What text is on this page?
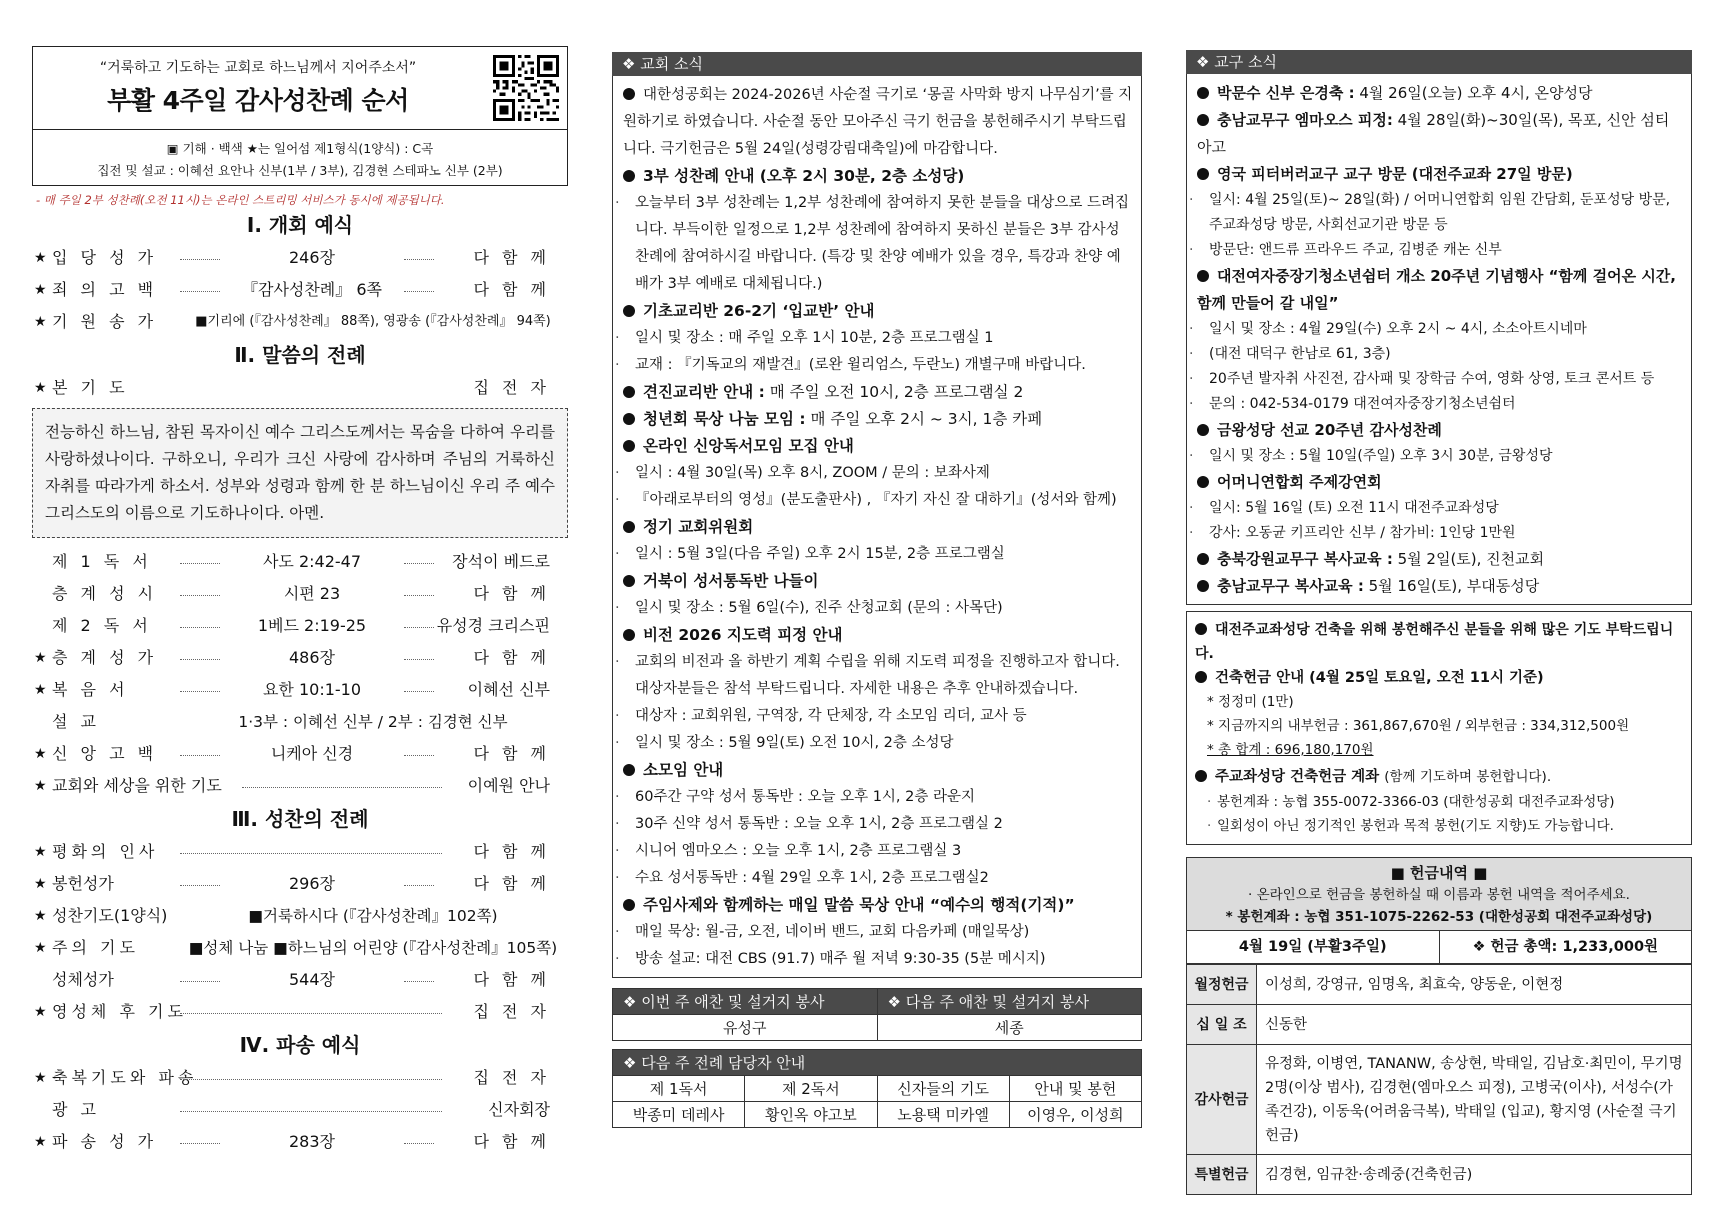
“거룩하고 기도하는 교회로 하느님께서 지어주소서”
부활 4주일 감사성찬례 순서
▣ 기해 · 백색 ★는 일어섬 제1형식(1양식) : C곡
집전 및 설교 : 이혜선 요안나 신부(1부 / 3부), 김경현 스테파노 신부 (2부)
- 매 주일 2부 성찬례(오전 11시)는 온라인 스트리밍 서비스가 동시에 제공됩니다.
Ⅰ. 개회 예식
★ 입 당 성 가	246장	다 함 께
★ 죄 의 고 백	『감사성찬례』 6쪽	다 함 께
★ 기 원 송 가	■기리에 (『감사성찬례』 88쪽), 영광송 (『감사성찬례』 94쪽)
Ⅱ. 말씀의 전례
★ 본 기 도	집 전 자
전능하신 하느님, 참된 목자이신 예수 그리스도께서는 목숨을 다하여 우리를 사랑하셨나이다. 구하오니, 우리가 크신 사랑에 감사하며 주님의 거룩하신 자취를 따라가게 하소서. 성부와 성령과 함께 한 분 하느님이신 우리 주 예수 그리스도의 이름으로 기도하나이다. 아멘.
제 1 독 서	사도 2:42-47	장석이 베드로
층 계 성 시	시편 23	다 함 께
제 2 독 서	1베드 2:19-25	유성경 크리스핀
★ 층 계 성 가	486장	다 함 께
★ 복 음 서	요한 10:1-10	이혜선 신부
설 교	1·3부 : 이혜선 신부 / 2부 : 김경현 신부
★ 신 앙 고 백	니케아 신경	다 함 께
★ 교회와 세상을 위한 기도	이예원 안나
Ⅲ. 성찬의 전례
★ 평화의 인사	다 함 께
★ 봉헌성가	296장	다 함 께
★ 성찬기도(1양식)	■거룩하시다 (『감사성찬례』102쪽)
★ 주의 기도	■성체 나눔 ■하느님의 어린양 (『감사성찬례』105쪽)
성체성가	544장	다 함 께
★ 영성체 후 기도	집 전 자
Ⅳ. 파송 예식
★ 축복기도와 파송	집 전 자
광 고	신자회장
★ 파 송 성 가	283장	다 함 께
❖ 교회 소식
대한성공회는 2024-2026년 사순절 극기로 ‘몽골 사막화 방지 나무심기’를 지원하기로 하였습니다. 사순절 동안 모아주신 극기 헌금을 봉헌해주시기 부탁드립니다. 극기헌금은 5월 24일(성령강림대축일)에 마감합니다.
3부 성찬례 안내 (오후 2시 30분, 2층 소성당)
· 오늘부터 3부 성찬례는 1,2부 성찬례에 참여하지 못한 분들을 대상으로 드려집니다. 부득이한 일정으로 1,2부 성찬례에 참여하지 못하신 분들은 3부 감사성찬례에 참여하시길 바랍니다. (특강 및 찬양 예배가 있을 경우, 특강과 찬양 예배가 3부 예배로 대체됩니다.)
기초교리반 26-2기 ‘입교반’ 안내
· 일시 및 장소 : 매 주일 오후 1시 10분, 2층 프로그램실 1
· 교재 : 『기독교의 재발견』(로완 윌리엄스, 두란노) 개별구매 바랍니다.
견진교리반 안내 : 매 주일 오전 10시, 2층 프로그램실 2
청년회 묵상 나눔 모임 : 매 주일 오후 2시 ~ 3시, 1층 카페
온라인 신앙독서모임 모집 안내
· 일시 : 4월 30일(목) 오후 8시, ZOOM / 문의 : 보좌사제
· 『아래로부터의 영성』(분도출판사) , 『자기 자신 잘 대하기』(성서와 함께)
정기 교회위원회
· 일시 : 5월 3일(다음 주일) 오후 2시 15분, 2층 프로그램실
거북이 성서통독반 나들이
· 일시 및 장소 : 5월 6일(수), 진주 산청교회 (문의 : 사목단)
비전 2026 지도력 피정 안내
· 교회의 비전과 올 하반기 계획 수립을 위해 지도력 피정을 진행하고자 합니다. 대상자분들은 참석 부탁드립니다. 자세한 내용은 추후 안내하겠습니다.
· 대상자 : 교회위원, 구역장, 각 단체장, 각 소모임 리더, 교사 등
· 일시 및 장소 : 5월 9일(토) 오전 10시, 2층 소성당
소모임 안내
· 60주간 구약 성서 통독반 : 오늘 오후 1시, 2층 라운지
· 30주 신약 성서 통독반 : 오늘 오후 1시, 2층 프로그램실 2
· 시니어 엠마오스 : 오늘 오후 1시, 2층 프로그램실 3
· 수요 성서통독반 : 4월 29일 오후 1시, 2층 프로그램실2
주임사제와 함께하는 매일 말씀 묵상 안내 “예수의 행적(기적)”
· 매일 묵상: 월-금, 오전, 네이버 밴드, 교회 다음카페 (매일묵상)
· 방송 설교: 대전 CBS (91.7) 매주 월 저녁 9:30-35 (5분 메시지)
❖ 이번 주 애찬 및 설거지 봉사	❖ 다음 주 애찬 및 설거지 봉사
유성구	세종
❖ 다음 주 전례 담당자 안내			
제 1독서	제 2독서	신자들의 기도	안내 및 봉헌
박종미 데레사	황인옥 야고보	노용택 미카엘	이영우, 이성희
❖ 교구 소식
박문수 신부 은경축 : 4월 26일(오늘) 오후 4시, 온양성당
충남교무구 엠마오스 피정: 4월 28일(화)~30일(목), 목포, 신안 섬티아고
영국 피터버러교구 교구 방문 (대전주교좌 27일 방문)
· 일시: 4월 25일(토)~ 28일(화) / 어머니연합회 임원 간담회, 둔포성당 방문, 주교좌성당 방문, 사회선교기관 방문 등
· 방문단: 앤드류 프라우드 주교, 김병준 캐논 신부
대전여자중장기청소년쉼터 개소 20주년 기념행사 “함께 걸어온 시간, 함께 만들어 갈 내일”
· 일시 및 장소 : 4월 29일(수) 오후 2시 ~ 4시, 소소아트시네마
· (대전 대덕구 한남로 61, 3층)
· 20주년 발자취 사진전, 감사패 및 장학금 수여, 영화 상영, 토크 콘서트 등
· 문의 : 042-534-0179 대전여자중장기청소년쉼터
금왕성당 선교 20주년 감사성찬례
· 일시 및 장소 : 5월 10일(주일) 오후 3시 30분, 금왕성당
어머니연합회 주제강연회
· 일시: 5월 16일 (토) 오전 11시 대전주교좌성당
· 강사: 오동균 키프리안 신부 / 참가비: 1인당 1만원
충북강원교무구 복사교육 : 5월 2일(토), 진천교회
충남교무구 복사교육 : 5월 16일(토), 부대동성당
대전주교좌성당 건축을 위해 봉헌해주신 분들을 위해 많은 기도 부탁드립니다.
건축헌금 안내 (4월 25일 토요일, 오전 11시 기준)
* 정정미 (1만)
* 지금까지의 내부헌금 : 361,867,670원 / 외부헌금 : 334,312,500원
* 총 합계 : 696,180,170원
주교좌성당 건축헌금 계좌 (함께 기도하며 봉헌합니다).
· 봉헌계좌 : 농협 355-0072-3366-03 (대한성공회 대전주교좌성당)
· 일회성이 아닌 정기적인 봉헌과 목적 봉헌(기도 지향)도 가능합니다.
■ 헌금내역 ■
· 온라인으로 헌금을 봉헌하실 때 이름과 봉헌 내역을 적어주세요.
* 봉헌계좌 : 농협 351-1075-2262-53 (대한성공회 대전주교좌성당)
4월 19일 (부활3주일)	❖ 헌금 총액: 1,233,000원
월정헌금	이성희, 강영규, 임명옥, 최효숙, 양동운, 이현정
십 일 조	신동한
감사헌금	유정화, 이병연, TANANW, 송상현, 박태일, 김남호·최민이, 무기명 2명(이상 범사), 김경현(엠마오스 피정), 고병국(이사), 서성수(가족건강), 이동욱(어려움극복), 박태일 (입교), 황지영 (사순절 극기헌금)
특별헌금	김경현, 임규찬·송례중(건축헌금)
